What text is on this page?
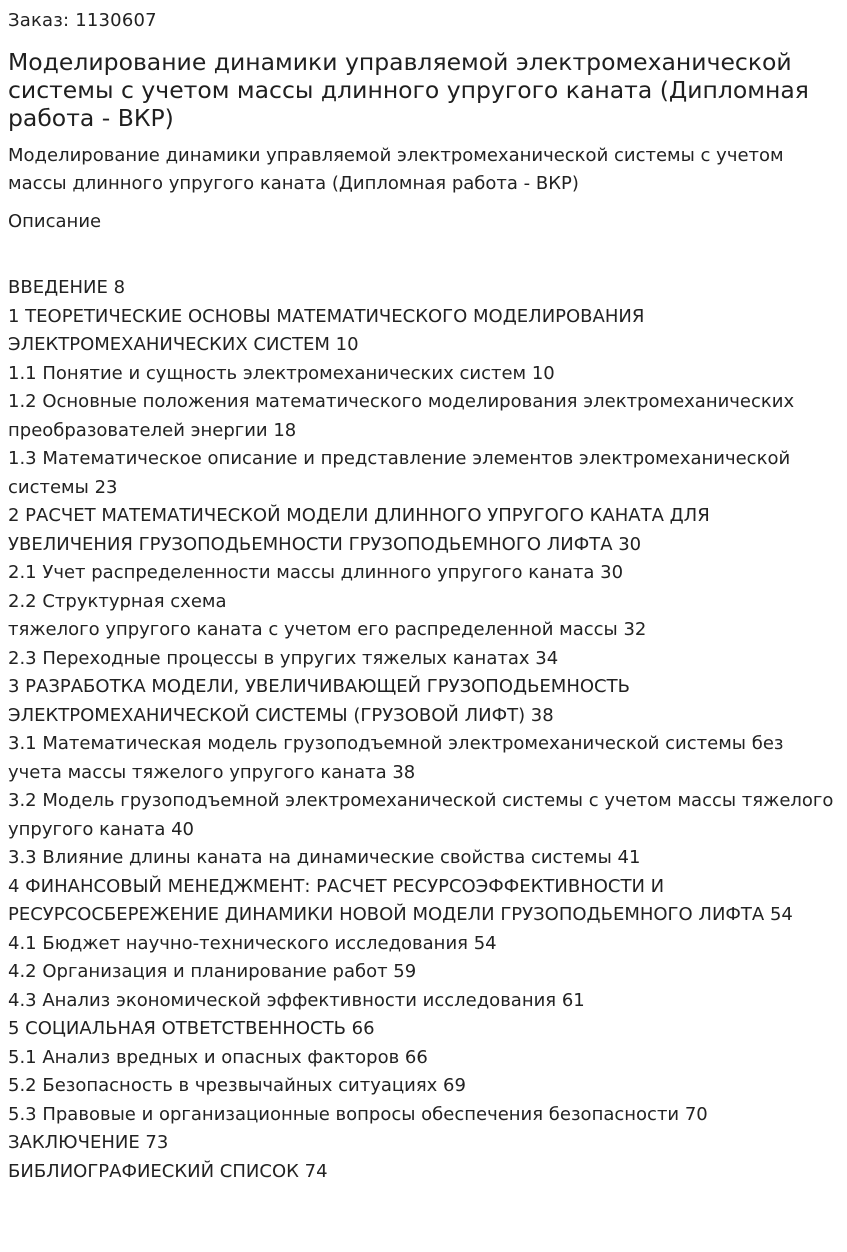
Заказ: 1130607
Моделирование динамики управляемой электромеханической системы с учетом массы длинного упругого каната (Дипломная работа - ВКР)
Моделирование динамики управляемой электромеханической системы с учетом массы длинного упругого каната (Дипломная работа - ВКР)
Описание
ВВЕДЕНИЕ 8
1 ТЕОРЕТИЧЕСКИЕ ОСНОВЫ МАТЕМАТИЧЕСКОГО МОДЕЛИРОВАНИЯ ЭЛЕКТРОМЕХАНИЧЕСКИХ СИСТЕМ 10
1.1 Понятие и сущность электромеханических систем 10
1.2 Основные положения математического моделирования электромеханических преобразователей энергии 18
1.3 Математическое описание и представление элементов электромеханической системы 23
2 РАСЧЕТ МАТЕМАТИЧЕСКОЙ МОДЕЛИ ДЛИННОГО УПРУГОГО КАНАТА ДЛЯ УВЕЛИЧЕНИЯ ГРУЗОПОДЬЕМНОСТИ ГРУЗОПОДЬЕМНОГО ЛИФТА 30
2.1 Учет распределенности массы длинного упругого каната 30
2.2 Структурная схема
тяжелого упругого каната с учетом его распределенной массы 32
2.3 Переходные процессы в упругих тяжелых канатах 34
3 РАЗРАБОТКА МОДЕЛИ, УВЕЛИЧИВАЮЩЕЙ ГРУЗОПОДЬЕМНОСТЬ ЭЛЕКТРОМЕХАНИЧЕСКОЙ СИСТЕМЫ (ГРУЗОВОЙ ЛИФТ) 38
3.1 Математическая модель грузоподъемной электромеханической системы без учета массы тяжелого упругого каната 38
3.2 Модель грузоподъемной электромеханической системы с учетом массы тяжелого упругого каната 40
3.3 Влияние длины каната на динамические свойства системы 41
4 ФИНАНСОВЫЙ МЕНЕДЖМЕНТ: РАСЧЕТ РЕСУРСОЭФФЕКТИВНОСТИ И РЕСУРСОСБЕРЕЖЕНИЕ ДИНАМИКИ НОВОЙ МОДЕЛИ ГРУЗОПОДЬЕМНОГО ЛИФТА 54
4.1 Бюджет научно-технического исследования 54
4.2 Организация и планирование работ 59
4.3 Анализ экономической эффективности исследования 61
5 СОЦИАЛЬНАЯ ОТВЕТСТВЕННОСТЬ 66
5.1 Анализ вредных и опасных факторов 66
5.2 Безопасность в чрезвычайных ситуациях 69
5.3 Правовые и организационные вопросы обеспечения безопасности 70
ЗАКЛЮЧЕНИЕ 73
БИБЛИОГРАФИЕСКИЙ СПИСОК 74
